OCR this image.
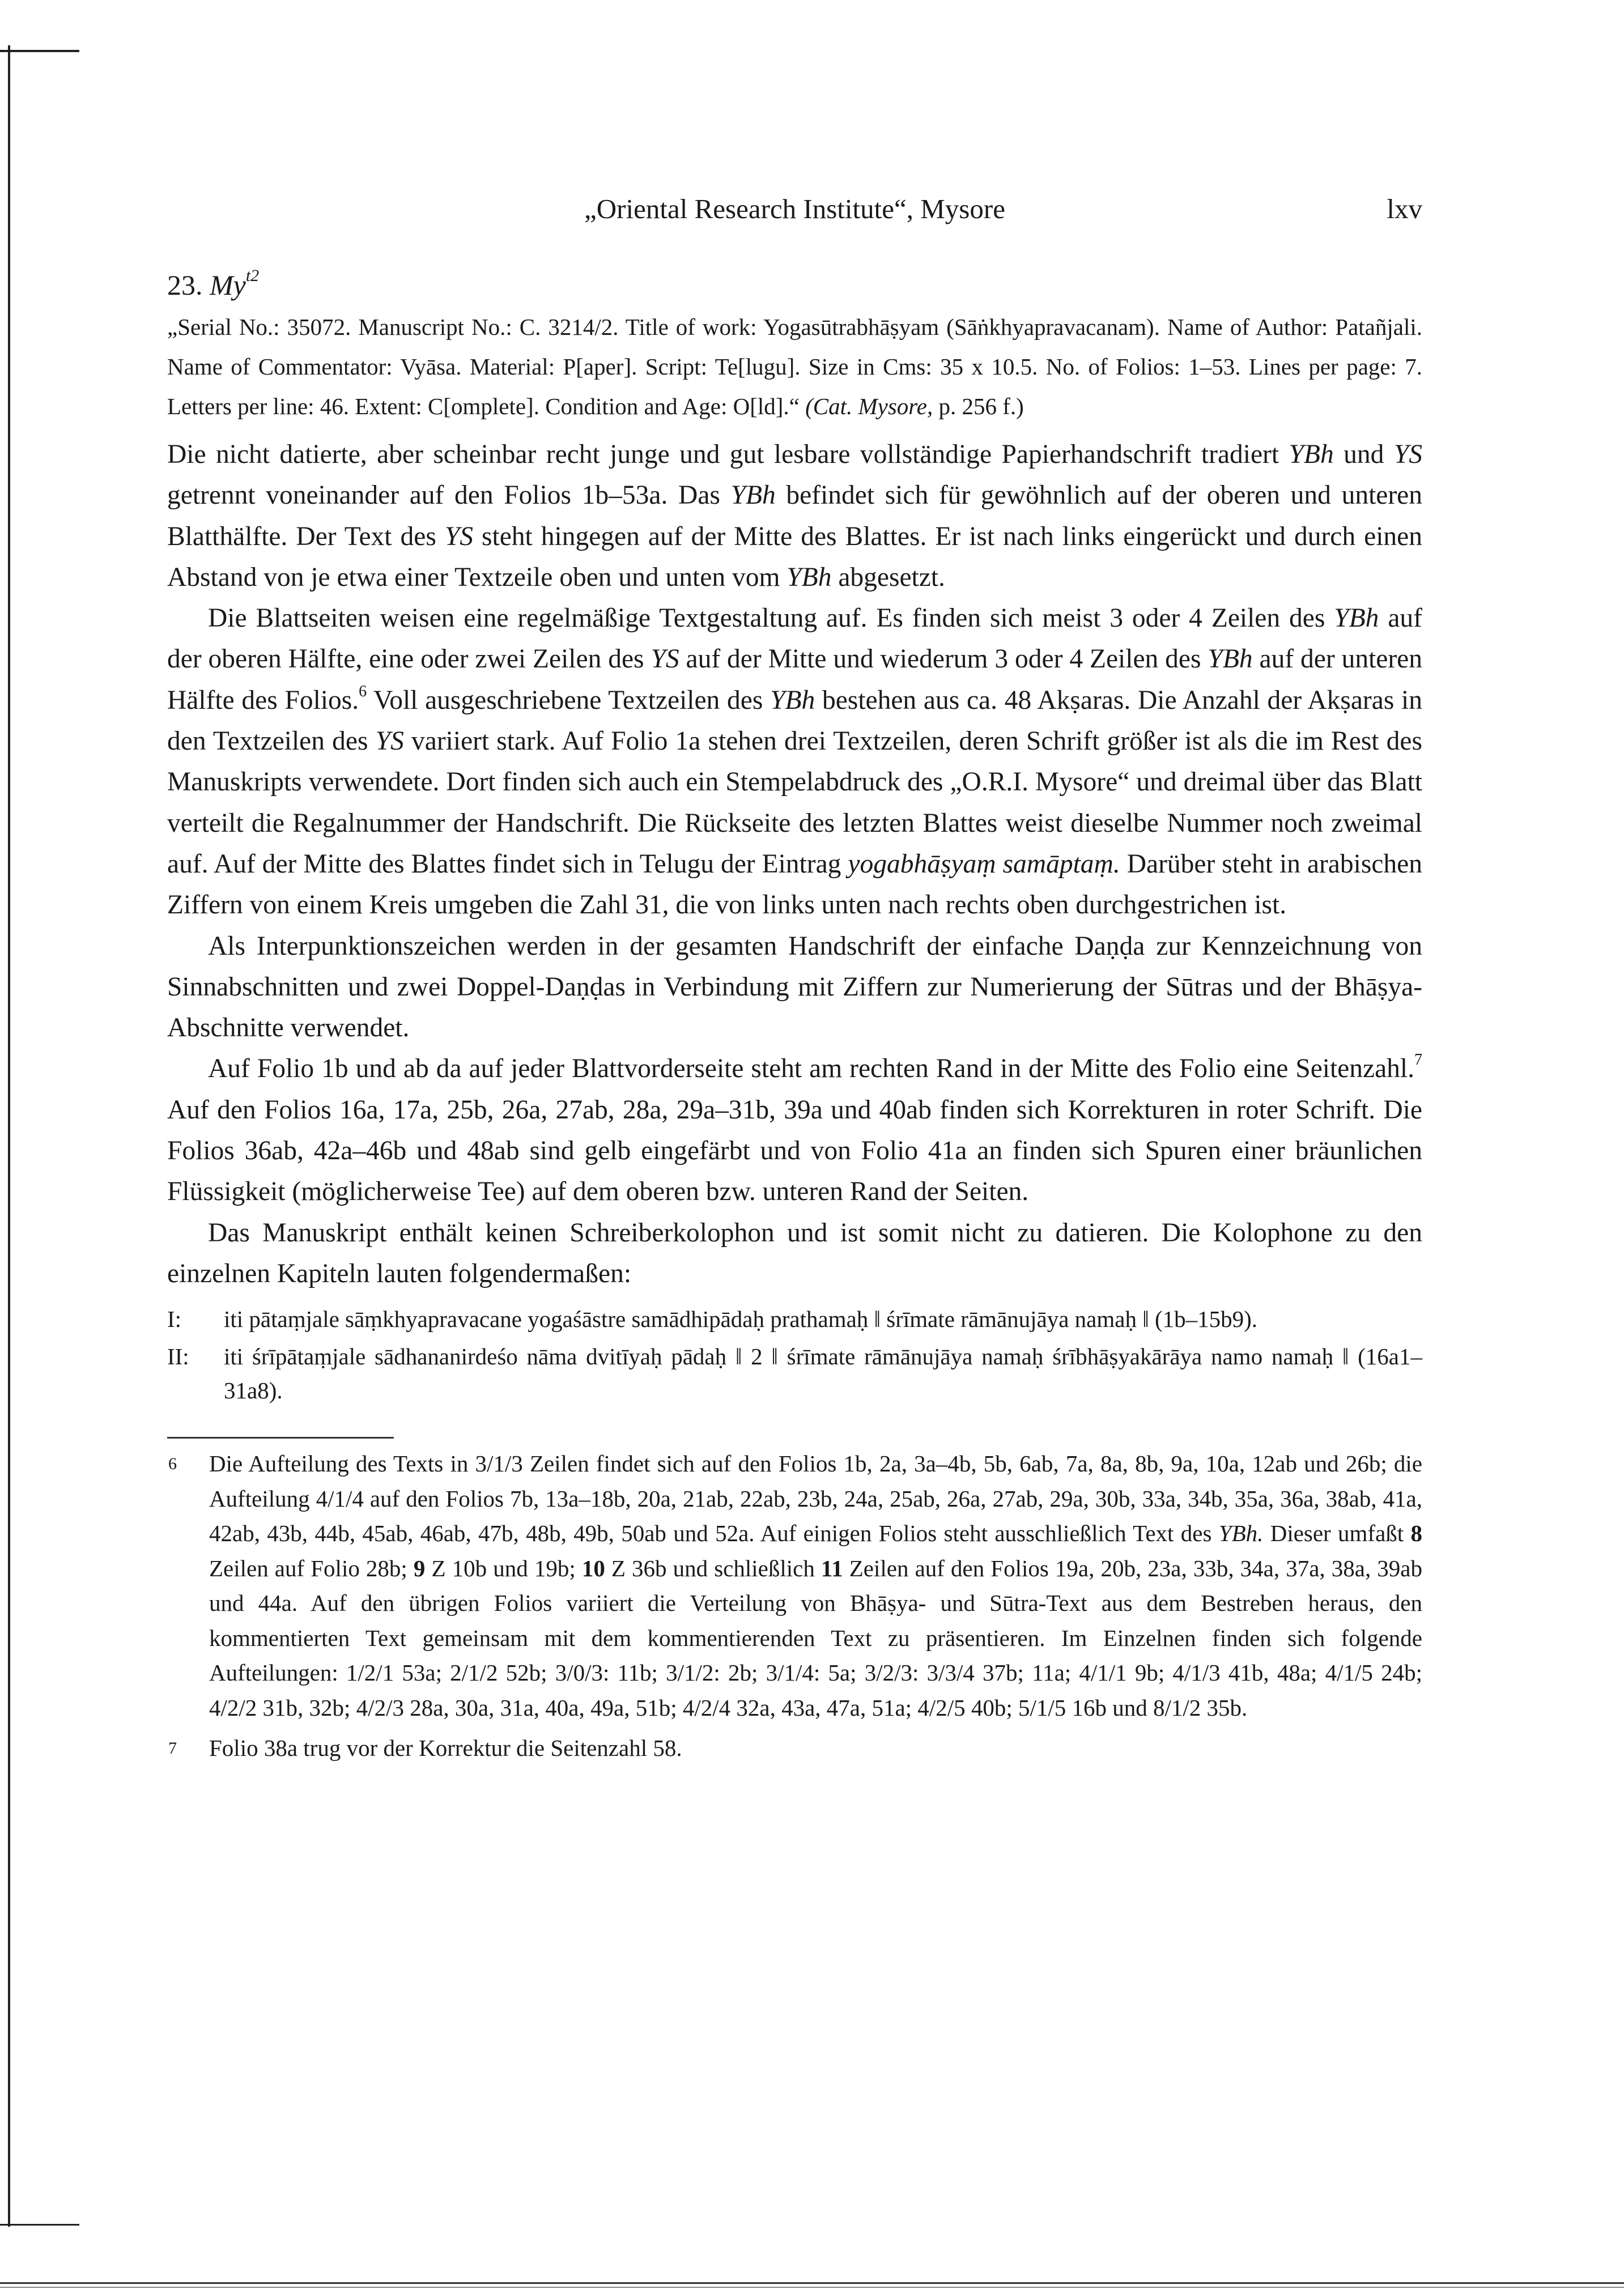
„Oriental Research Institute“, Mysore	lxv
23. $My^{t2}$
„Serial No.: 35072. Manuscript No.: C. 3214/2. Title of work: Yogasūtrabhāṣyam (Sāṅkhyapravacanam). Name of Author: Patañjali. Name of Commentator: Vyāsa. Material: P[aper]. Script: Te[lugu]. Size in Cms: 35 x 10.5. No. of Folios: 1–53. Lines per page: 7. Letters per line: 46. Extent: C[omplete]. Condition and Age: O[ld].“ (Cat. Mysore, p. 256 f.)

Die nicht datierte, aber scheinbar recht junge und gut lesbare vollständige Papierhandschrift tradiert YBh und YS getrennt voneinander auf den Folios 1b–53a. Das YBh befindet sich für gewöhnlich auf der oberen und unteren Blatthälfte. Der Text des YS steht hingegen auf der Mitte des Blattes. Er ist nach links eingerückt und durch einen Abstand von je etwa einer Textzeile oben und unten vom YBh abgesetzt.

Die Blattseiten weisen eine regelmäßige Textgestaltung auf. Es finden sich meist 3 oder 4 Zeilen des YBh auf der oberen Hälfte, eine oder zwei Zeilen des YS auf der Mitte und wiederum 3 oder 4 Zeilen des YBh auf der unteren Hälfte des Folios.$^6$ Voll ausgeschriebene Textzeilen des YBh bestehen aus ca. 48 Akṣaras. Die Anzahl der Akṣaras in den Textzeilen des YS variiert stark. Auf Folio 1a stehen drei Textzeilen, deren Schrift größer ist als die im Rest des Manuskripts verwendete. Dort finden sich auch ein Stempelabdruck des „O.R.I. Mysore“ und dreimal über das Blatt verteilt die Regalnummer der Handschrift. Die Rückseite des letzten Blattes weist dieselbe Nummer noch zweimal auf. Auf der Mitte des Blattes findet sich in Telugu der Eintrag yogabhāṣyaṃ samāptaṃ. Darüber steht in arabischen Ziffern von einem Kreis umgeben die Zahl 31, die von links unten nach rechts oben durchgestrichen ist.

Als Interpunktionszeichen werden in der gesamten Handschrift der einfache Daṇḍa zur Kennzeichnung von Sinnabschnitten und zwei Doppel-Daṇḍas in Verbindung mit Ziffern zur Numerierung der Sūtras und der Bhāṣya-Abschnitte verwendet.

Auf Folio 1b und ab da auf jeder Blattvorderseite steht am rechten Rand in der Mitte des Folio eine Seitenzahl.$^7$ Auf den Folios 16a, 17a, 25b, 26a, 27ab, 28a, 29a–31b, 39a und 40ab finden sich Korrekturen in roter Schrift. Die Folios 36ab, 42a–46b und 48ab sind gelb eingefärbt und von Folio 41a an finden sich Spuren einer bräunlichen Flüssigkeit (möglicherweise Tee) auf dem oberen bzw. unteren Rand der Seiten.

Das Manuskript enthält keinen Schreiberkolophon und ist somit nicht zu datieren. Die Kolophone zu den einzelnen Kapiteln lauten folgendermaßen:

I:	iti pātaṃjale sāṃkhyapravacane yogaśāstre samādhipādaḥ prathamaḥ ‖ śrīmate rāmānujāya namaḥ ‖ (1b–15b9).
II:	iti śrīpātaṃjale sādhananirdeśo nāma dvitīyaḥ pādaḥ ‖ 2 ‖ śrīmate rāmānujāya namaḥ śrībhāṣyakārāya namo namaḥ ‖ (16a1–31a8).
6	Die Aufteilung des Texts in 3/1/3 Zeilen findet sich auf den Folios 1b, 2a, 3a–4b, 5b, 6ab, 7a, 8a, 8b, 9a, 10a, 12ab und 26b; die Aufteilung 4/1/4 auf den Folios 7b, 13a–18b, 20a, 21ab, 22ab, 23b, 24a, 25ab, 26a, 27ab, 29a, 30b, 33a, 34b, 35a, 36a, 38ab, 41a, 42ab, 43b, 44b, 45ab, 46ab, 47b, 48b, 49b, 50ab und 52a. Auf einigen Folios steht ausschließlich Text des YBh. Dieser umfaßt 8 Zeilen auf Folio 28b; 9 Z 10b und 19b; 10 Z 36b und schließlich 11 Zeilen auf den Folios 19a, 20b, 23a, 33b, 34a, 37a, 38a, 39ab und 44a. Auf den übrigen Folios variiert die Verteilung von Bhāṣya- und Sūtra-Text aus dem Bestreben heraus, den kommentierten Text gemeinsam mit dem kommentierenden Text zu präsentieren. Im Einzelnen finden sich folgende Aufteilungen: 1/2/1 53a; 2/1/2 52b; 3/0/3: 11b; 3/1/2: 2b; 3/1/4: 5a; 3/2/3: 3/3/4 37b; 11a; 4/1/1 9b; 4/1/3 41b, 48a; 4/1/5 24b; 4/2/2 31b, 32b; 4/2/3 28a, 30a, 31a, 40a, 49a, 51b; 4/2/4 32a, 43a, 47a, 51a; 4/2/5 40b; 5/1/5 16b und 8/1/2 35b.
7	Folio 38a trug vor der Korrektur die Seitenzahl 58.
